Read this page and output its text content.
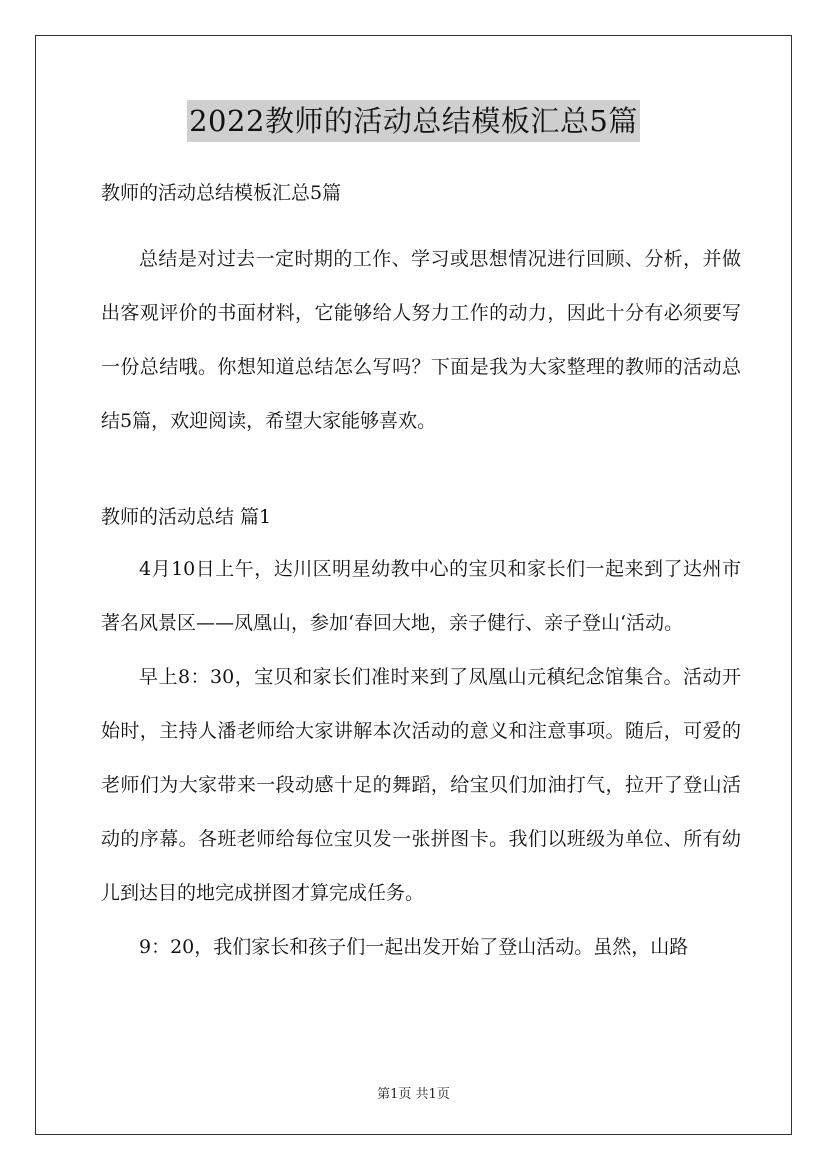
2022教师的活动总结模板汇总5篇

教师的活动总结模板汇总5篇

总结是对过去一定时期的工作、学习或思想情况进行回顾、分析，并做出客观评价的书面材料，它能够给人努力工作的动力，因此十分有必须要写一份总结哦。你想知道总结怎么写吗？下面是我为大家整理的教师的活动总结5篇，欢迎阅读，希望大家能够喜欢。

教师的活动总结 篇1

4月10日上午，达川区明星幼教中心的宝贝和家长们一起来到了达州市著名风景区——凤凰山，参加‘春回大地，亲子健行、亲子登山‘活动。

早上8：30，宝贝和家长们准时来到了凤凰山元稹纪念馆集合。活动开始时，主持人潘老师给大家讲解本次活动的意义和注意事项。随后，可爱的老师们为大家带来一段动感十足的舞蹈，给宝贝们加油打气，拉开了登山活动的序幕。各班老师给每位宝贝发一张拼图卡。我们以班级为单位、所有幼儿到达目的地完成拼图才算完成任务。

9：20，我们家长和孩子们一起出发开始了登山活动。虽然，山路

第1页 共1页
